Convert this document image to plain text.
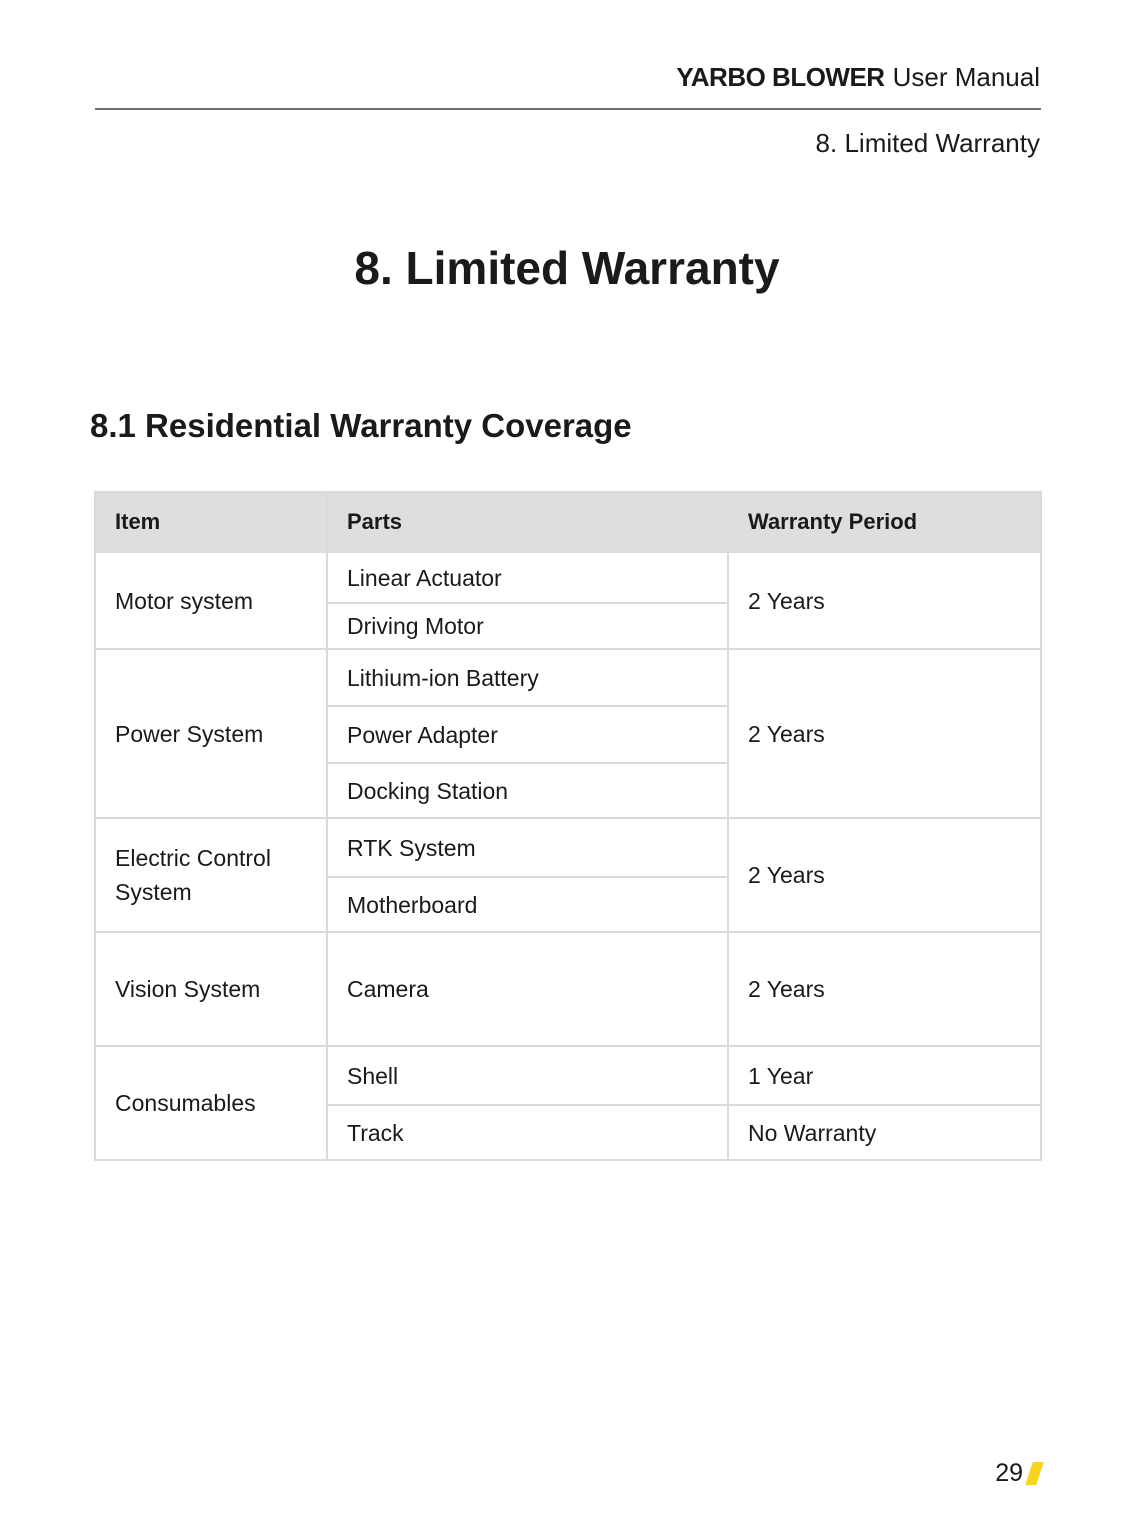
YARBO BLOWER User Manual
8. Limited Warranty
8. Limited Warranty
8.1 Residential Warranty Coverage
Item	Parts	Warranty Period
Motor system	Linear Actuator	2 Years
	Driving Motor	
Power System	Lithium-ion Battery	2 Years
	Power Adapter	
	Docking Station	
Electric Control System	RTK System	2 Years
	Motherboard	
Vision System	Camera	2 Years
Consumables	Shell	1 Year
	Track	No Warranty
29
